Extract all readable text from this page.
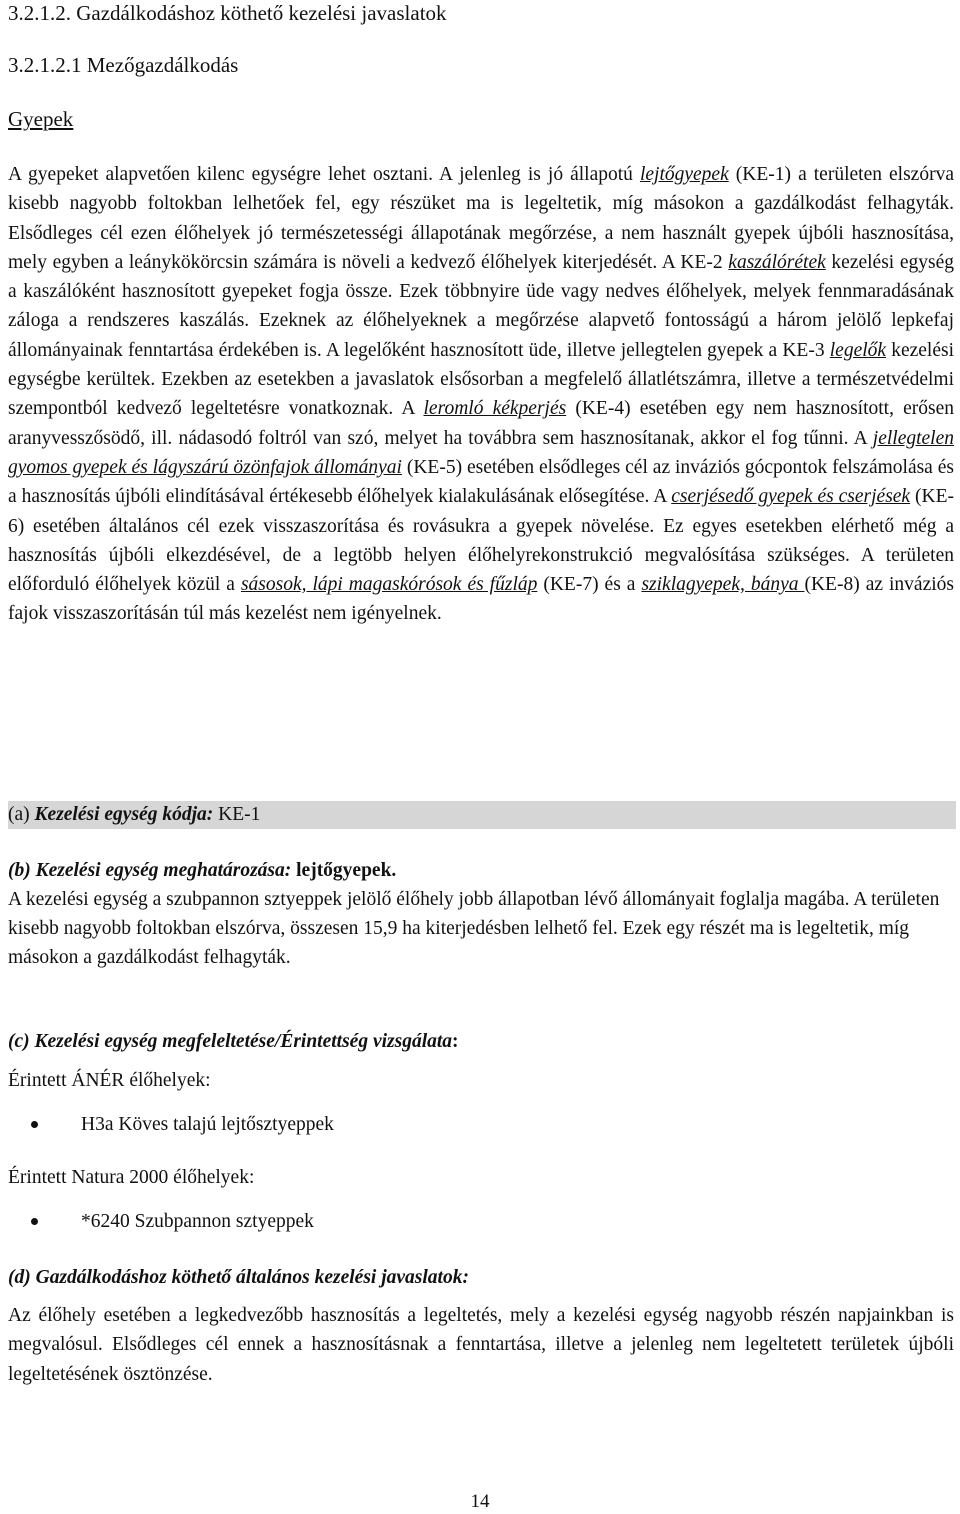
3.2.1.2. Gazdálkodáshoz köthető kezelési javaslatok
3.2.1.2.1 Mezőgazdálkodás
Gyepek
A gyepeket alapvetően kilenc egységre lehet osztani. A jelenleg is jó állapotú lejtőgyepek (KE-1) a területen elszórva kisebb nagyobb foltokban lelhetőek fel, egy részüket ma is legeltetik, míg másokon a gazdálkodást felhagyták. Elsődleges cél ezen élőhelyek jó természetességi állapotának megőrzése, a nem használt gyepek újbóli hasznosítása, mely egyben a leánykökörcsin számára is növeli a kedvező élőhelyek kiterjedését. A KE-2 kaszálórétek kezelési egység a kaszálóként hasznosított gyepeket fogja össze. Ezek többnyire üde vagy nedves élőhelyek, melyek fennmaradásának záloga a rendszeres kaszálás. Ezeknek az élőhelyeknek a megőrzése alapvető fontosságú a három jelölő lepkefaj állományainak fenntartása érdekében is. A legelőként hasznosított üde, illetve jellegtelen gyepek a KE-3 legelők kezelési egységbe kerültek. Ezekben az esetekben a javaslatok elsősorban a megfelelő állatlétszámra, illetve a természetvédelmi szempontból kedvező legeltetésre vonatkoznak. A leromló kékperjés (KE-4) esetében egy nem hasznosított, erősen aranyvesszősödő, ill. nádasodó foltról van szó, melyet ha továbbra sem hasznosítanak, akkor el fog tűnni. A jellegtelen gyomos gyepek és lágyszárú özönfajok állományai (KE-5) esetében elsődleges cél az inváziós gócpontok felszámolása és a hasznosítás újbóli elindításával értékesebb élőhelyek kialakulásának elősegítése. A cserjésedő gyepek és cserjések (KE-6) esetében általános cél ezek visszaszorítása és rovásukra a gyepek növelése. Ez egyes esetekben elérhető még a hasznosítás újbóli elkezdésével, de a legtöbb helyen élőhelyrekonstrukció megvalósítása szükséges. A területen előforduló élőhelyek közül a sásosok, lápi magaskórósok és fűzláp (KE-7) és a sziklagyepek, bánya (KE-8) az inváziós fajok visszaszorításán túl más kezelést nem igényelnek.
(a) Kezelési egység kódja: KE-1
(b) Kezelési egység meghatározása: lejtőgyepek.
A kezelési egység a szubpannon sztyeppek jelölő élőhely jobb állapotban lévő állományait foglalja magába. A területen kisebb nagyobb foltokban elszórva, összesen 15,9 ha kiterjedésben lelhető fel. Ezek egy részét ma is legeltetik, míg másokon a gazdálkodást felhagyták.
(c) Kezelési egység megfeleltetése/Érintettség vizsgálata:
Érintett ÁNÉR élőhelyek:
H3a Köves talajú lejtősztyeppek
Érintett Natura 2000 élőhelyek:
*6240 Szubpannon sztyeppek
(d) Gazdálkodáshoz köthető általános kezelési javaslatok:
Az élőhely esetében a legkedvezőbb hasznosítás a legeltetés, mely a kezelési egység nagyobb részén napjainkban is megvalósul. Elsődleges cél ennek a hasznosításnak a fenntartása, illetve a jelenleg nem legeltetett területek újbóli legeltetésének ösztönzése.
14
